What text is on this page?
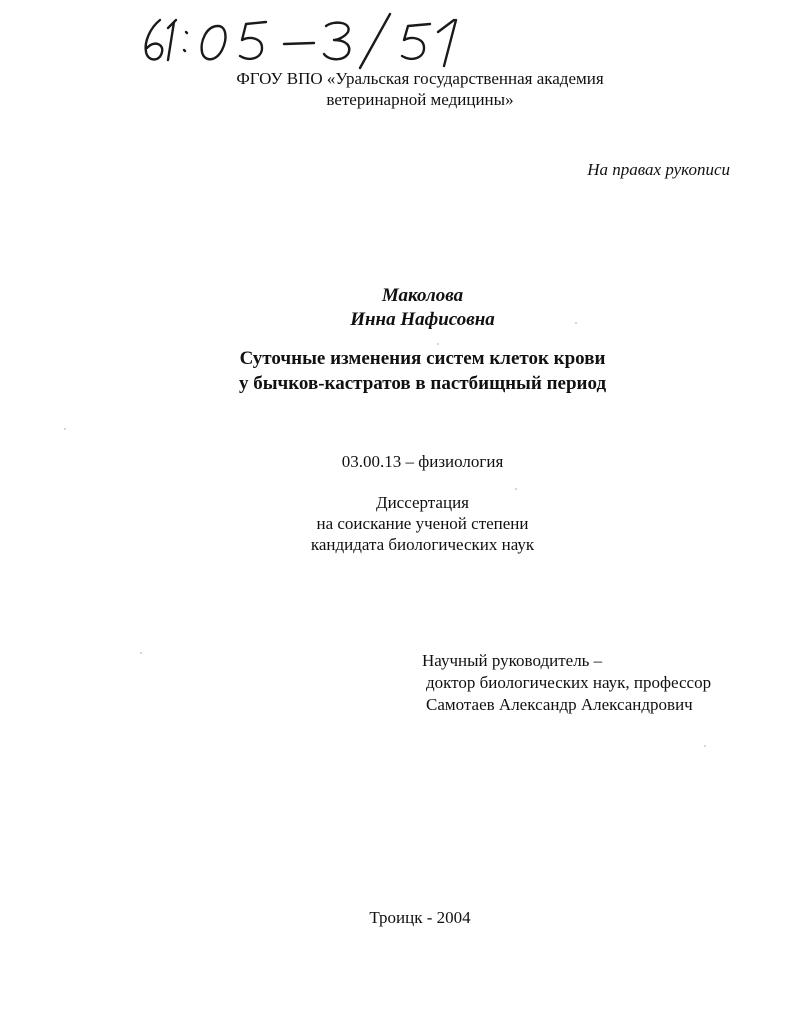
ФГОУ ВПО «Уральская государственная академия
ветеринарной медицины»
На правах рукописи
Маколова
Инна Нафисовна
Суточные изменения систем клеток крови
у бычков-кастратов в пастбищный период
03.00.13 – физиология
Диссертация
на соискание ученой степени
кандидата биологических наук
Научный руководитель –
доктор биологических наук, профессор
Самотаев Александр Александрович
Троицк - 2004
